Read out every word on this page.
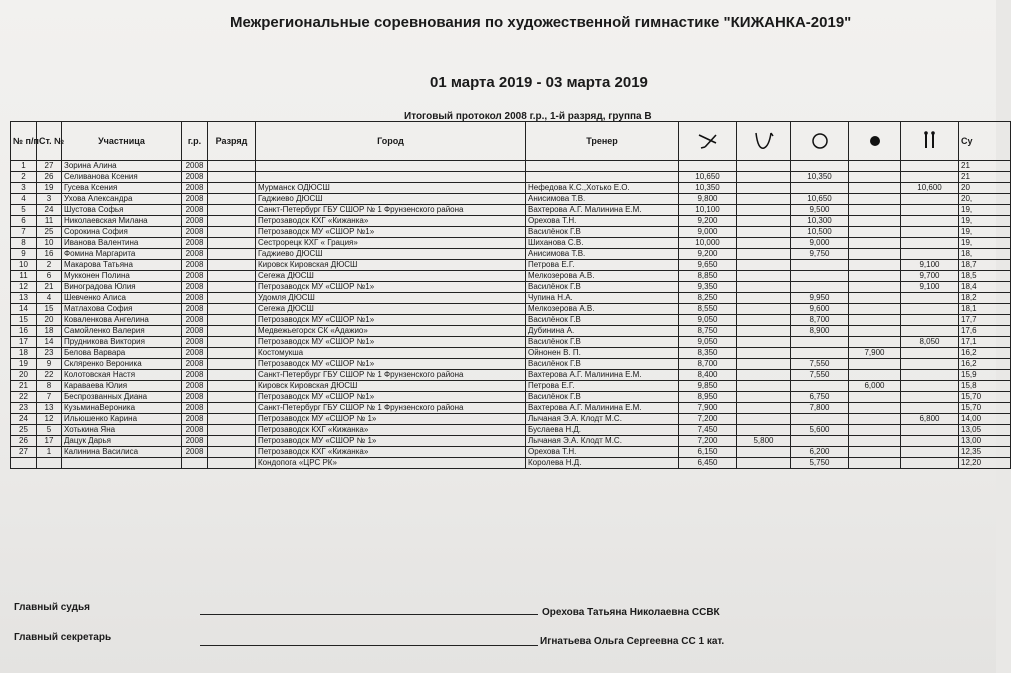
Межрегиональные соревнования по художественной гимнастике "КИЖАНКА-2019"
01 марта 2019 - 03 марта 2019
Итоговый протокол 2008 г.р., 1-й разряд, группа В
№ п/п	Ст. №	Участница	г.р.	Разряд	Город	Тренер						Су
1	27	Зорина Алина	2008									21
2	26	Селиванова Ксения	2008				10,650		10,350			21
3	19	Гусева Ксения	2008		Мурманск ОДЮСШ	Нефедова К.С.,Хотько Е.О.	10,350				10,600	20
4	3	Ухова Александра	2008		Гаджиево ДЮСШ	Анисимова Т.В.	9,800		10,650			20,
5	24	Шустова Софья	2008		Санкт-Петербург ГБУ СШОР № 1 Фрунзенского района	Вахтерова А.Г. Малинина Е.М.	10,100		9,500			19,
6	11	Николаевская Милана	2008		Петрозаводск КХГ «Кижанка»	Орехова Т.Н.	9,200		10,300			19,
7	25	Сорокина София	2008		Петрозаводск МУ «СШОР №1»	Василёнок Г.В	9,000		10,500			19,
8	10	Иванова Валентина	2008		Сестрорецк КХГ « Грация»	Шиханова С.В.	10,000		9,000			19,
9	16	Фомина Маргарита	2008		Гаджиево ДЮСШ	Анисимова Т.В.	9,200		9,750			18,
10	2	Макарова Татьяна	2008		Кировск Кировская ДЮСШ	Петрова Е.Г.	9,650				9,100	18,7
11	6	Мукконен Полина	2008		Сегежа ДЮСШ	Мелкозерова А.В.	8,850				9,700	18,5
12	21	Виноградова Юлия	2008		Петрозаводск МУ «СШОР №1»	Василёнок Г.В	9,350				9,100	18,4
13	4	Шевченко Алиса	2008		Удомля ДЮСШ	Чупина Н.А.	8,250		9,950			18,2
14	15	Матлахова София	2008		Сегежа ДЮСШ	Мелкозерова А.В.	8,550		9,600			18,1
15	20	Коваленкова Ангелина	2008		Петрозаводск МУ «СШОР №1»	Василёнок Г.В	9,050		8,700			17,7
16	18	Самойленко Валерия	2008		Медвежьегорск СК «Адажио»	Дубинина А.	8,750		8,900			17,6
17	14	Прудникова Виктория	2008		Петрозаводск МУ «СШОР №1»	Василёнок Г.В	9,050				8,050	17,1
18	23	Белова Варвара	2008		Костомукша	Ойнонен В. П.	8,350			7,900		16,2
19	9	Скляренко Вероника	2008		Петрозаводск МУ «СШОР №1»	Василёнок Г.В	8,700		7,550			16,2
20	22	Колотовская Настя	2008		Санкт-Петербург ГБУ СШОР № 1 Фрунзенского района	Вахтерова А.Г. Малинина Е.М.	8,400		7,550			15,9
21	8	Караваева Юлия	2008		Кировск Кировская ДЮСШ	Петрова Е.Г.	9,850			6,000		15,8
22	7	Беспрозванных Диана	2008		Петрозаводск МУ «СШОР №1»	Василёнок Г.В	8,950		6,750			15,70
23	13	КузьминаВероника	2008		Санкт-Петербург ГБУ СШОР № 1 Фрунзенского района	Вахтерова А.Г. Малинина Е.М.	7,900		7,800			15,70
24	12	Ильюшенко Карина	2008		Петрозаводск МУ «СШОР № 1»	Лычаная Э.А. Клодт М.С.	7,200				6,800	14,00
25	5	Хотькина Яна	2008		Петрозаводск КХГ «Кижанка»	Буслаева Н.Д.	7,450		5,600			13,05
26	17	Дацук Дарья	2008		Петрозаводск МУ «СШОР № 1»	Лычаная Э.А. Клодт М.С.	7,200	5,800				13,00
27	1	Калинина Василиса	2008		Петрозаводск КХГ «Кижанка»	Орехова Т.Н.	6,150		6,200			12,35
					Кондопога «ЦРС РК»	Королева Н.Д.	6,450		5,750			12,20
Главный судья	Орехова Татьяна Николаевна ССВК
Главный секретарь	Игнатьева Ольга Сергеевна СС 1 кат.
